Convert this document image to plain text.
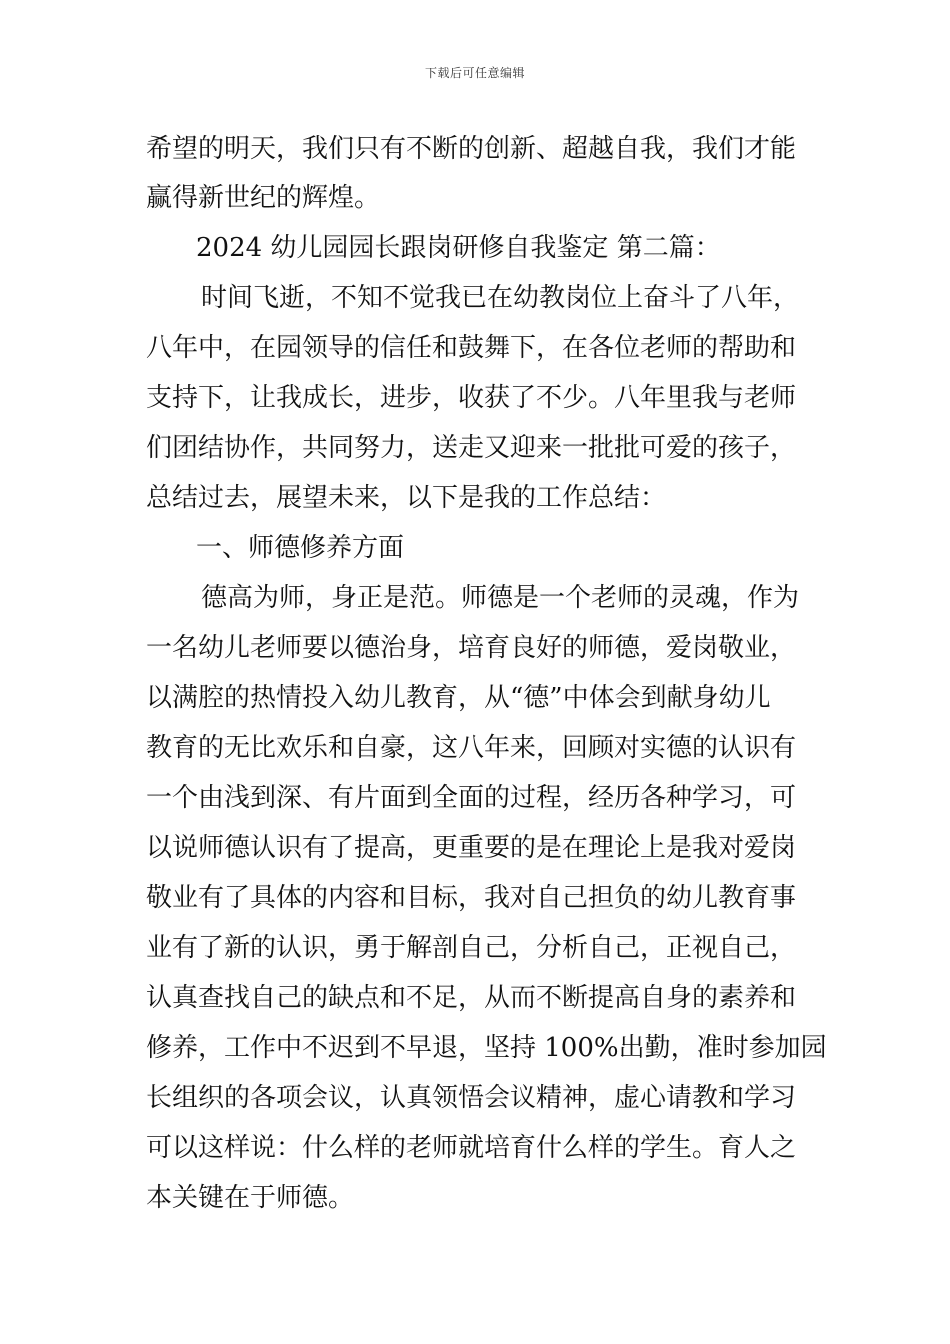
下载后可任意编辑
希望的明天，我们只有不断的创新、超越自我，我们才能
赢得新世纪的辉煌。
2024 幼儿园园长跟岗研修自我鉴定 第二篇：
时间飞逝，不知不觉我已在幼教岗位上奋斗了八年，
八年中，在园领导的信任和鼓舞下，在各位老师的帮助和
支持下，让我成长，进步，收获了不少。八年里我与老师
们团结协作，共同努力，送走又迎来一批批可爱的孩子，
总结过去，展望未来，以下是我的工作总结：
一、师德修养方面
德高为师，身正是范。师德是一个老师的灵魂，作为
一名幼儿老师要以德治身，培育良好的师德，爱岗敬业，
以满腔的热情投入幼儿教育，从“德”中体会到献身幼儿
教育的无比欢乐和自豪，这八年来，回顾对实德的认识有
一个由浅到深、有片面到全面的过程，经历各种学习，可
以说师德认识有了提高，更重要的是在理论上是我对爱岗
敬业有了具体的内容和目标，我对自己担负的幼儿教育事
业有了新的认识，勇于解剖自己，分析自己，正视自己，
认真查找自己的缺点和不足，从而不断提高自身的素养和
修养，工作中不迟到不早退，坚持 100%出勤，准时参加园
长组织的各项会议，认真领悟会议精神，虚心请教和学习
可以这样说：什么样的老师就培育什么样的学生。育人之
本关键在于师德。
